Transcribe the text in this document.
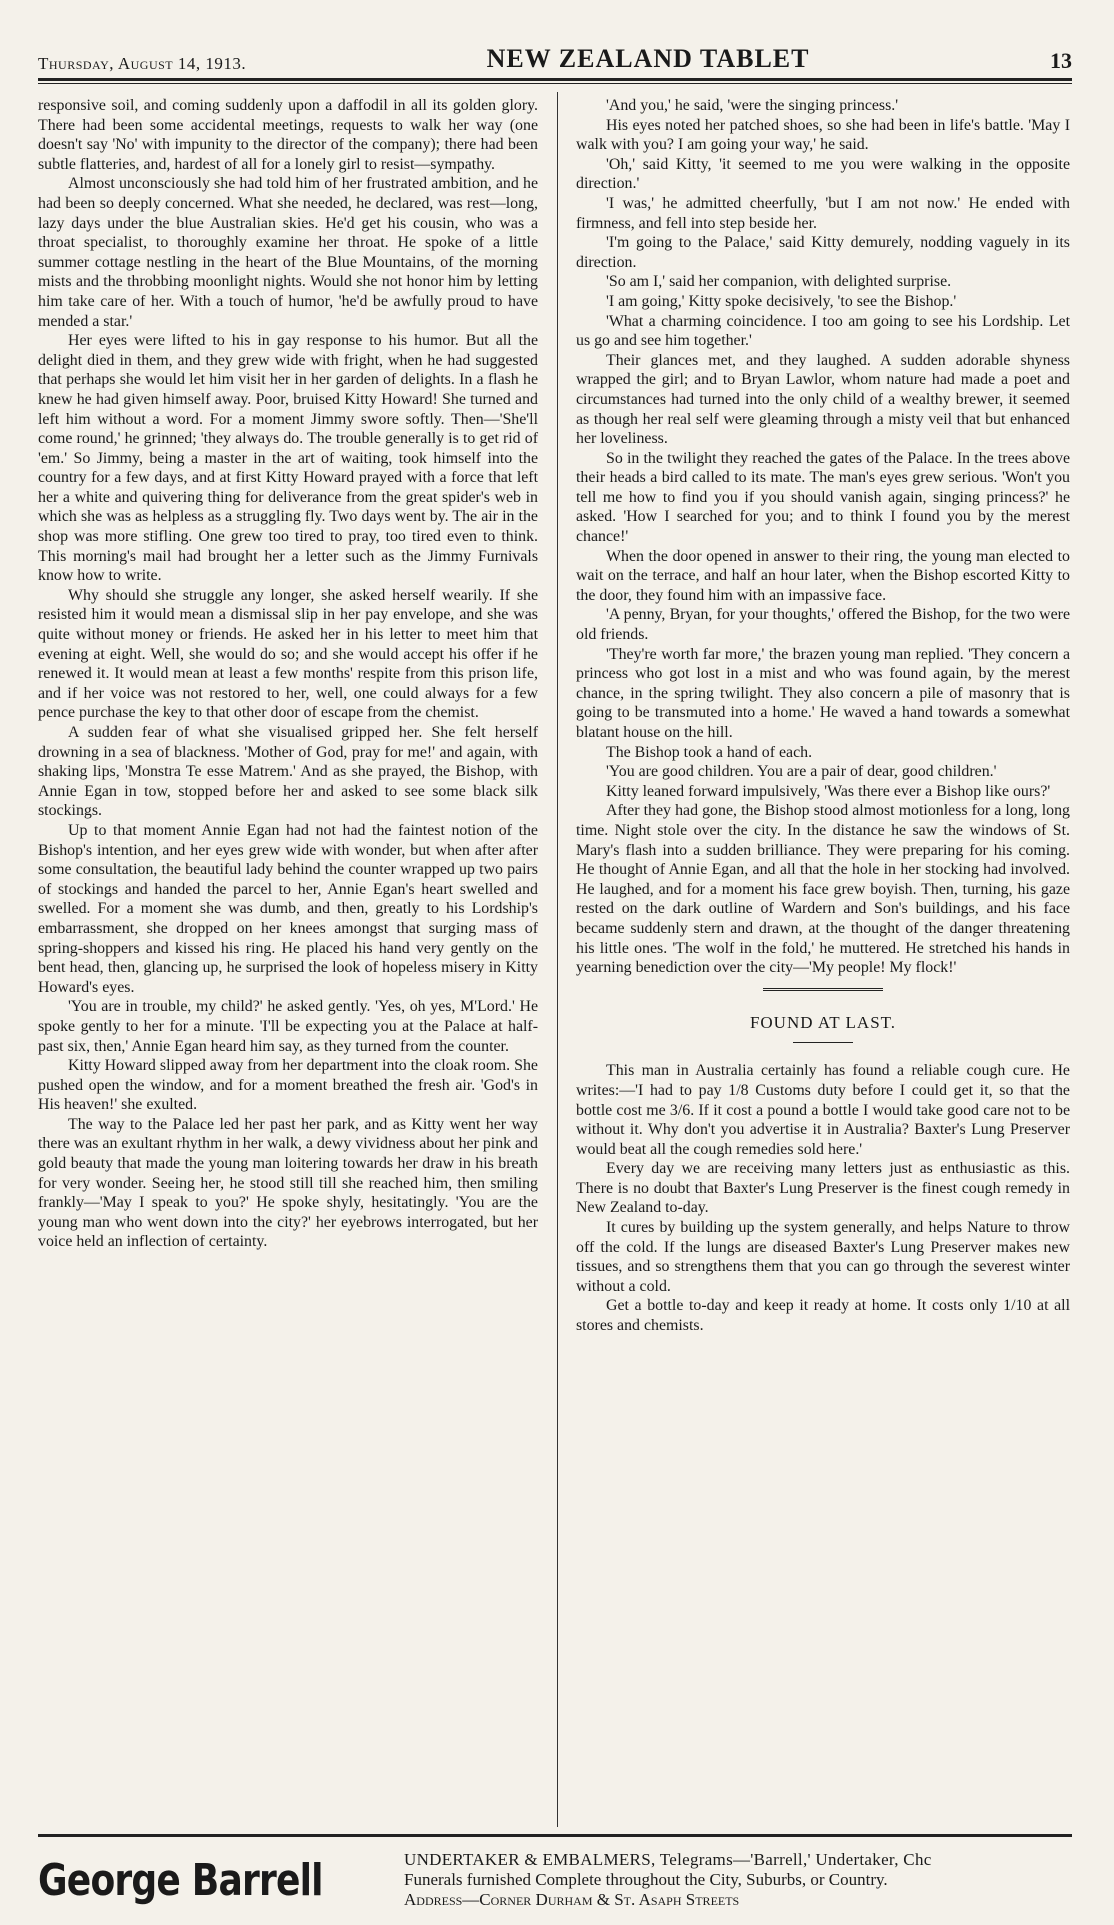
Thursday, August 14, 1913.	NEW ZEALAND TABLET	13

responsive soil, and coming suddenly upon a daffodil in all its golden glory. There had been some accidental meetings, requests to walk her way (one doesn't say 'No' with impunity to the director of the company); there had been subtle flatteries, and, hardest of all for a lonely girl to resist—sympathy.

Almost unconsciously she had told him of her frustrated ambition, and he had been so deeply concerned. What she needed, he declared, was rest—long, lazy days under the blue Australian skies. He'd get his cousin, who was a throat specialist, to thoroughly examine her throat. He spoke of a little summer cottage nestling in the heart of the Blue Mountains, of the morning mists and the throbbing moonlight nights. Would she not honor him by letting him take care of her. With a touch of humor, 'he'd be awfully proud to have mended a star.'

Her eyes were lifted to his in gay response to his humor. But all the delight died in them, and they grew wide with fright, when he had suggested that perhaps she would let him visit her in her garden of delights. In a flash he knew he had given himself away. Poor, bruised Kitty Howard! She turned and left him without a word. For a moment Jimmy swore softly. Then—'She'll come round,' he grinned; 'they always do. The trouble generally is to get rid of 'em.' So Jimmy, being a master in the art of waiting, took himself into the country for a few days, and at first Kitty Howard prayed with a force that left her a white and quivering thing for deliverance from the great spider's web in which she was as helpless as a struggling fly. Two days went by. The air in the shop was more stifling. One grew too tired to pray, too tired even to think. This morning's mail had brought her a letter such as the Jimmy Furnivals know how to write.

Why should she struggle any longer, she asked herself wearily. If she resisted him it would mean a dismissal slip in her pay envelope, and she was quite without money or friends. He asked her in his letter to meet him that evening at eight. Well, she would do so; and she would accept his offer if he renewed it. It would mean at least a few months' respite from this prison life, and if her voice was not restored to her, well, one could always for a few pence purchase the key to that other door of escape from the chemist.

A sudden fear of what she visualised gripped her. She felt herself drowning in a sea of blackness. 'Mother of God, pray for me!' and again, with shaking lips, 'Monstra Te esse Matrem.' And as she prayed, the Bishop, with Annie Egan in tow, stopped before her and asked to see some black silk stockings.

Up to that moment Annie Egan had not had the faintest notion of the Bishop's intention, and her eyes grew wide with wonder, but when after after some consultation, the beautiful lady behind the counter wrapped up two pairs of stockings and handed the parcel to her, Annie Egan's heart swelled and swelled. For a moment she was dumb, and then, greatly to his Lordship's embarrassment, she dropped on her knees amongst that surging mass of spring-shoppers and kissed his ring. He placed his hand very gently on the bent head, then, glancing up, he surprised the look of hopeless misery in Kitty Howard's eyes.

'You are in trouble, my child?' he asked gently. 'Yes, oh yes, M'Lord.' He spoke gently to her for a minute. 'I'll be expecting you at the Palace at half-past six, then,' Annie Egan heard him say, as they turned from the counter.

Kitty Howard slipped away from her department into the cloak room. She pushed open the window, and for a moment breathed the fresh air. 'God's in His heaven!' she exulted.

The way to the Palace led her past her park, and as Kitty went her way there was an exultant rhythm in her walk, a dewy vividness about her pink and gold beauty that made the young man loitering towards her draw in his breath for very wonder. Seeing her, he stood still till she reached him, then smiling frankly—'May I speak to you?' He spoke shyly, hesitatingly. 'You are the young man who went down into the city?' her eyebrows interrogated, but her voice held an inflection of certainty.

'And you,' he said, 'were the singing princess.'

His eyes noted her patched shoes, so she had been in life's battle. 'May I walk with you? I am going your way,' he said.

'Oh,' said Kitty, 'it seemed to me you were walking in the opposite direction.'

'I was,' he admitted cheerfully, 'but I am not now.' He ended with firmness, and fell into step beside her.

'I'm going to the Palace,' said Kitty demurely, nodding vaguely in its direction.

'So am I,' said her companion, with delighted surprise.

'I am going,' Kitty spoke decisively, 'to see the Bishop.'

'What a charming coincidence. I too am going to see his Lordship. Let us go and see him together.'

Their glances met, and they laughed. A sudden adorable shyness wrapped the girl; and to Bryan Lawlor, whom nature had made a poet and circumstances had turned into the only child of a wealthy brewer, it seemed as though her real self were gleaming through a misty veil that but enhanced her loveliness.

So in the twilight they reached the gates of the Palace. In the trees above their heads a bird called to its mate. The man's eyes grew serious. 'Won't you tell me how to find you if you should vanish again, singing princess?' he asked. 'How I searched for you; and to think I found you by the merest chance!'

When the door opened in answer to their ring, the young man elected to wait on the terrace, and half an hour later, when the Bishop escorted Kitty to the door, they found him with an impassive face.

'A penny, Bryan, for your thoughts,' offered the Bishop, for the two were old friends.

'They're worth far more,' the brazen young man replied. 'They concern a princess who got lost in a mist and who was found again, by the merest chance, in the spring twilight. They also concern a pile of masonry that is going to be transmuted into a home.' He waved a hand towards a somewhat blatant house on the hill.

The Bishop took a hand of each.

'You are good children. You are a pair of dear, good children.'

Kitty leaned forward impulsively, 'Was there ever a Bishop like ours?'

After they had gone, the Bishop stood almost motionless for a long, long time. Night stole over the city. In the distance he saw the windows of St. Mary's flash into a sudden brilliance. They were preparing for his coming. He thought of Annie Egan, and all that the hole in her stocking had involved. He laughed, and for a moment his face grew boyish. Then, turning, his gaze rested on the dark outline of Wardern and Son's buildings, and his face became suddenly stern and drawn, at the thought of the danger threatening his little ones. 'The wolf in the fold,' he muttered. He stretched his hands in yearning benediction over the city—'My people! My flock!'

FOUND AT LAST.

This man in Australia certainly has found a reliable cough cure. He writes:—'I had to pay 1/8 Customs duty before I could get it, so that the bottle cost me 3/6. If it cost a pound a bottle I would take good care not to be without it. Why don't you advertise it in Australia? Baxter's Lung Preserver would beat all the cough remedies sold here.'

Every day we are receiving many letters just as enthusiastic as this. There is no doubt that Baxter's Lung Preserver is the finest cough remedy in New Zealand to-day.

It cures by building up the system generally, and helps Nature to throw off the cold. If the lungs are diseased Baxter's Lung Preserver makes new tissues, and so strengthens them that you can go through the severest winter without a cold.

Get a bottle to-day and keep it ready at home. It costs only 1/10 at all stores and chemists.

George Barrell	UNDERTAKER & EMBALMERS, Telegrams—'Barrell,' Undertaker, Chc
Funerals furnished Complete throughout the City, Suburbs, or Country.
Address—Corner Durham & St. Asaph Streets
